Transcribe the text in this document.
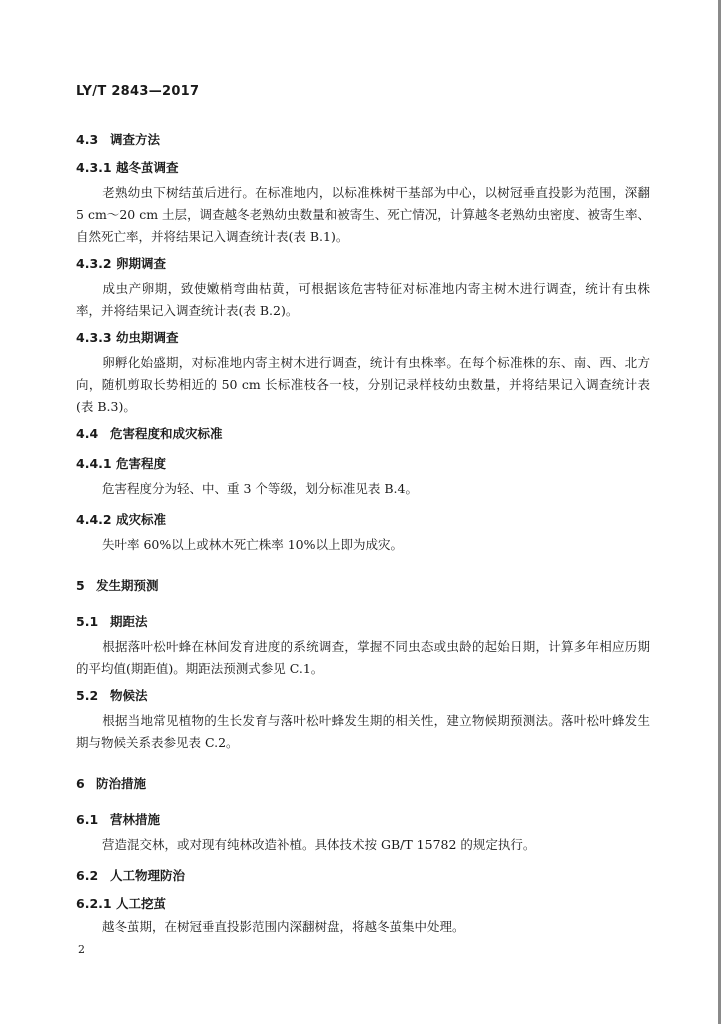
LY/T 2843—2017
4.3 调查方法
4.3.1 越冬茧调查
老熟幼虫下树结茧后进行。在标准地内，以标准株树干基部为中心，以树冠垂直投影为范围，深翻 5 cm～20 cm 土层，调查越冬老熟幼虫数量和被寄生、死亡情况，计算越冬老熟幼虫密度、被寄生率、自然死亡率，并将结果记入调查统计表(表 B.1)。
4.3.2 卵期调查
成虫产卵期，致使嫩梢弯曲枯黄，可根据该危害特征对标准地内寄主树木进行调查，统计有虫株率，并将结果记入调查统计表(表 B.2)。
4.3.3 幼虫期调查
卵孵化始盛期，对标准地内寄主树木进行调查，统计有虫株率。在每个标准株的东、南、西、北方向，随机剪取长势相近的 50 cm 长标准枝各一枝，分别记录样枝幼虫数量，并将结果记入调查统计表(表 B.3)。
4.4 危害程度和成灾标准
4.4.1 危害程度
危害程度分为轻、中、重 3 个等级，划分标准见表 B.4。
4.4.2 成灾标准
失叶率 60%以上或林木死亡株率 10%以上即为成灾。
5 发生期预测
5.1 期距法
根据落叶松叶蜂在林间发育进度的系统调查，掌握不同虫态或虫龄的起始日期，计算多年相应历期的平均值(期距值)。期距法预测式参见 C.1。
5.2 物候法
根据当地常见植物的生长发育与落叶松叶蜂发生期的相关性，建立物候期预测法。落叶松叶蜂发生期与物候关系表参见表 C.2。
6 防治措施
6.1 营林措施
营造混交林，或对现有纯林改造补植。具体技术按 GB/T 15782 的规定执行。
6.2 人工物理防治
6.2.1 人工挖茧
越冬茧期，在树冠垂直投影范围内深翻树盘，将越冬茧集中处理。
2
